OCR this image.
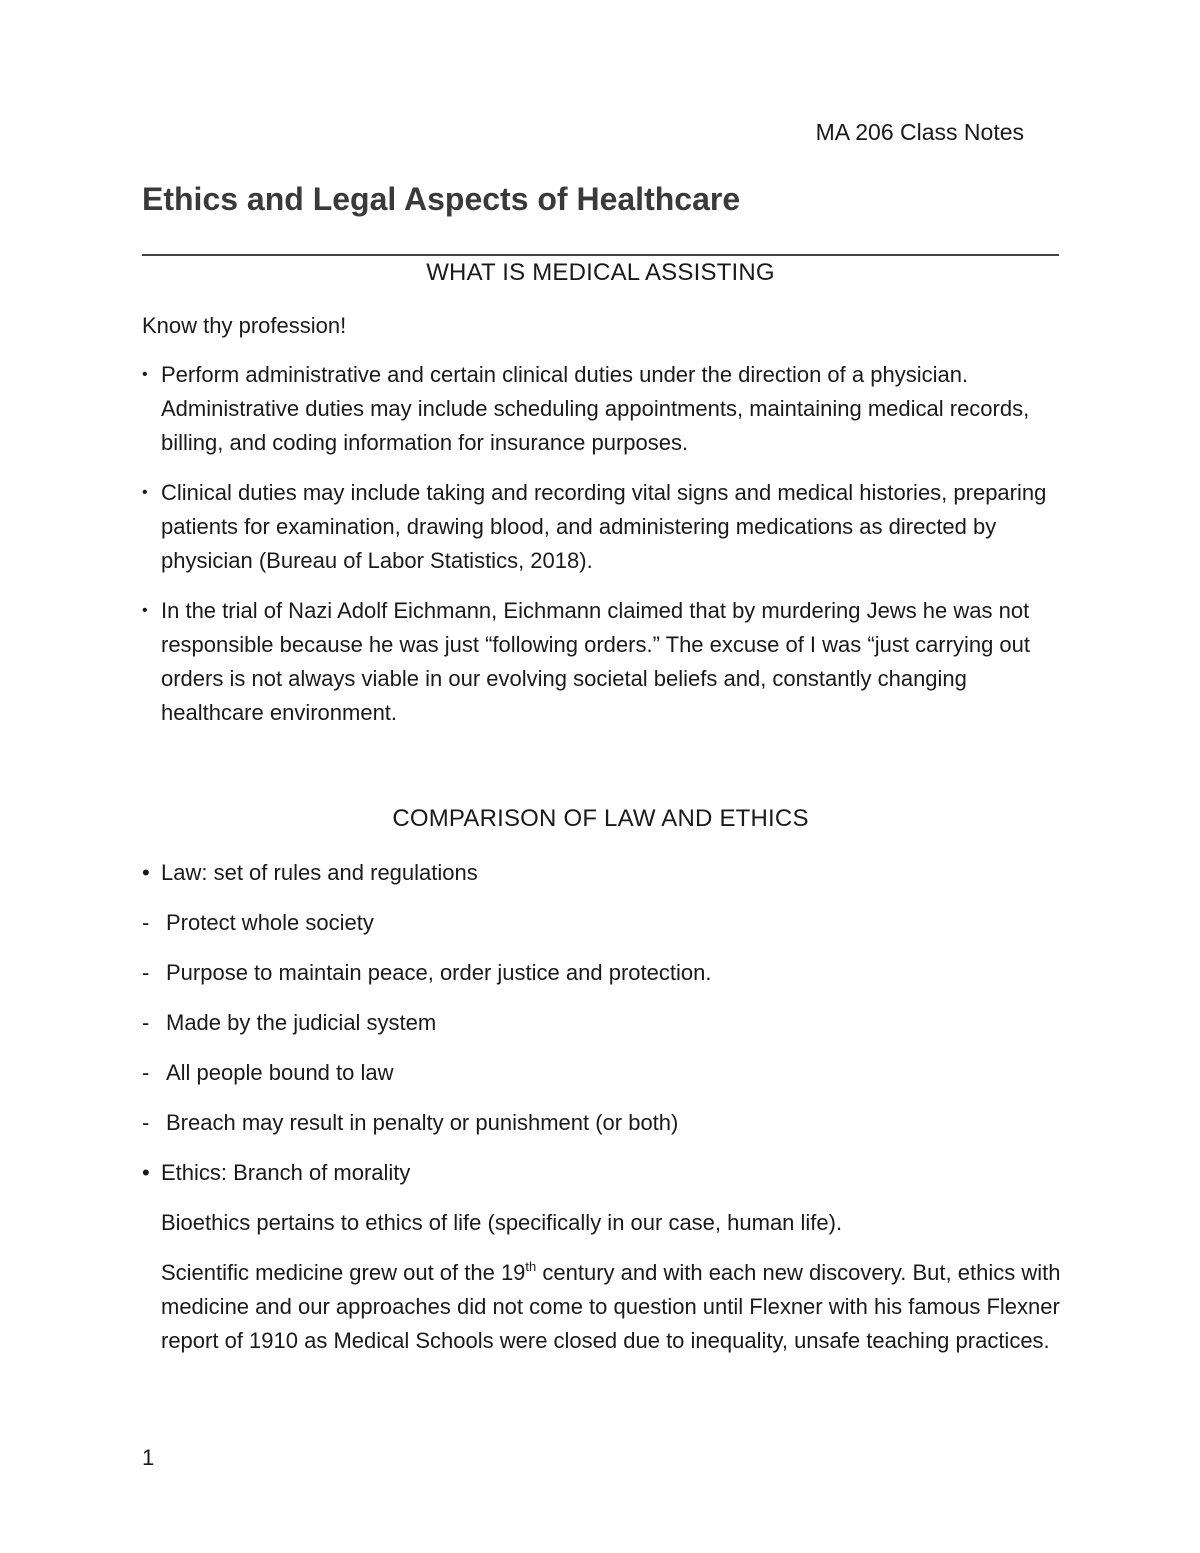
MA 206 Class Notes

Ethics and Legal Aspects of Healthcare
WHAT IS MEDICAL ASSISTING

Know thy profession!

• Perform administrative and certain clinical duties under the direction of a physician. Administrative duties may include scheduling appointments, maintaining medical records, billing, and coding information for insurance purposes.
• Clinical duties may include taking and recording vital signs and medical histories, preparing patients for examination, drawing blood, and administering medications as directed by physician (Bureau of Labor Statistics, 2018).
• In the trial of Nazi Adolf Eichmann, Eichmann claimed that by murdering Jews he was not responsible because he was just “following orders.” The excuse of I was “just carrying out orders is not always viable in our evolving societal beliefs and, constantly changing healthcare environment.
COMPARISON OF LAW AND ETHICS

• Law: set of rules and regulations

- Protect whole society

- Purpose to maintain peace, order justice and protection.

- Made by the judicial system

- All people bound to law

- Breach may result in penalty or punishment (or both)

• Ethics: Branch of morality

Bioethics pertains to ethics of life (specifically in our case, human life).

Scientific medicine grew out of the 19th century and with each new discovery. But, ethics with medicine and our approaches did not come to question until Flexner with his famous Flexner report of 1910 as Medical Schools were closed due to inequality, unsafe teaching practices.

1
